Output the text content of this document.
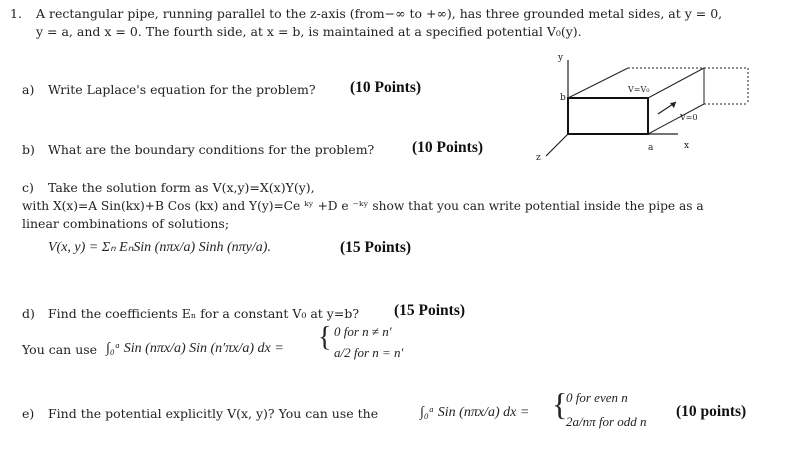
1. A rectangular pipe, running parallel to the z-axis (from−∞ to +∞), has three grounded metal sides, at y = 0,
y = a, and x = 0. The fourth side, at x = b, is maintained at a specified potential V₀(y).
a) Write Laplace's equation for the problem? (10 Points)
b) What are the boundary conditions for the problem? (10 Points)
c) Take the solution form as V(x,y)=X(x)Y(y),
with X(x)=A Sin(kx)+B Cos (kx) and Y(y)=Ce ᵏʸ +D e ⁻ᵏʸ show that you can write potential inside the pipe as a
linear combinations of solutions;
V(x, y) = Σₙ EₙSin (nπx/a) Sinh (nπy/a).	(15 Points)
d) Find the coefficients Eₙ for a constant V₀ at y=b? (15 Points)
You can use ∫₀ᵃ Sin (nπx/a) Sin (n′πx/a) dx = { 0 for n ≠ n′
a/2 for n = n′
e) Find the potential explicitly V(x, y)? You can use the	∫₀ᵃ Sin (nπx/a) dx = {
0 for even n
2a/nπ for odd n
(10 points)
y
b
a	x
z
V=V₀
V=0
